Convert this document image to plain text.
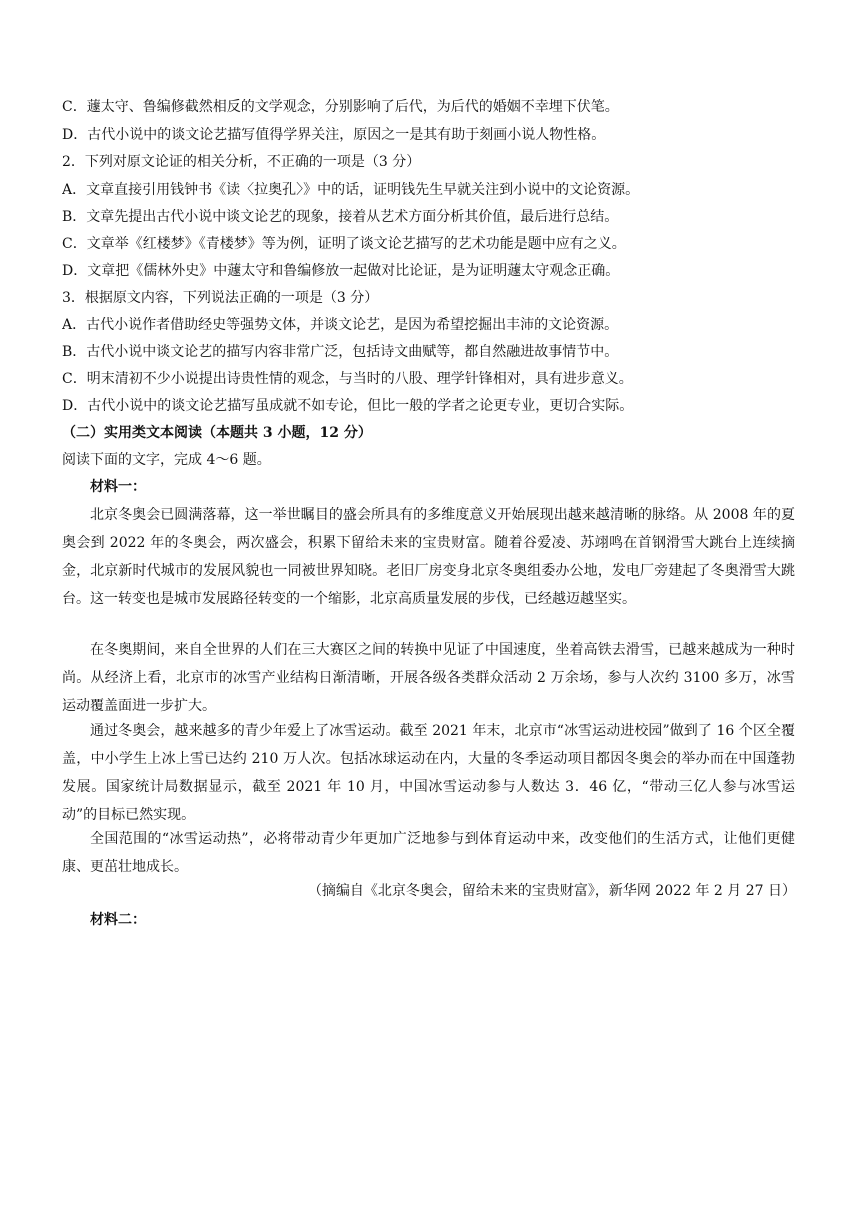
C．蘧太守、鲁编修截然相反的文学观念，分别影响了后代，为后代的婚姻不幸埋下伏笔。
D．古代小说中的谈文论艺描写值得学界关注，原因之一是其有助于刻画小说人物性格。
2．下列对原文论证的相关分析，不正确的一项是（3 分）
A．文章直接引用钱钟书《读〈拉奥孔〉》中的话，证明钱先生早就关注到小说中的文论资源。
B．文章先提出古代小说中谈文论艺的现象，接着从艺术方面分析其价值，最后进行总结。
C．文章举《红楼梦》《青楼梦》等为例，证明了谈文论艺描写的艺术功能是题中应有之义。
D．文章把《儒林外史》中蘧太守和鲁编修放一起做对比论证，是为证明蘧太守观念正确。
3．根据原文内容，下列说法正确的一项是（3 分）
A．古代小说作者借助经史等强势文体，并谈文论艺，是因为希望挖掘出丰沛的文论资源。
B．古代小说中谈文论艺的描写内容非常广泛，包括诗文曲赋等，都自然融进故事情节中。
C．明末清初不少小说提出诗贵性情的观念，与当时的八股、理学针锋相对，具有进步意义。
D．古代小说中的谈文论艺描写虽成就不如专论，但比一般的学者之论更专业，更切合实际。
（二）实用类文本阅读（本题共 3 小题，12 分）
阅读下面的文字，完成 4～6 题。
材料一：
北京冬奥会已圆满落幕，这一举世瞩目的盛会所具有的多维度意义开始展现出越来越清晰的脉络。从 2008 年的夏奥会到 2022 年的冬奥会，两次盛会，积累下留给未来的宝贵财富。随着谷爱凌、苏翊鸣在首钢滑雪大跳台上连续摘金，北京新时代城市的发展风貌也一同被世界知晓。老旧厂房变身北京冬奥组委办公地，发电厂旁建起了冬奥滑雪大跳台。这一转变也是城市发展路径转变的一个缩影，北京高质量发展的步伐，已经越迈越坚实。
在冬奥期间，来自全世界的人们在三大赛区之间的转换中见证了中国速度，坐着高铁去滑雪，已越来越成为一种时尚。从经济上看，北京市的冰雪产业结构日渐清晰，开展各级各类群众活动 2 万余场，参与人次约 3100 多万，冰雪运动覆盖面进一步扩大。
通过冬奥会，越来越多的青少年爱上了冰雪运动。截至 2021 年末，北京市“冰雪运动进校园”做到了 16 个区全覆盖，中小学生上冰上雪已达约 210 万人次。包括冰球运动在内，大量的冬季运动项目都因冬奥会的举办而在中国蓬勃发展。国家统计局数据显示，截至 2021 年 10 月，中国冰雪运动参与人数达 3．46 亿，“带动三亿人参与冰雪运动”的目标已然实现。
全国范围的“冰雪运动热”，必将带动青少年更加广泛地参与到体育运动中来，改变他们的生活方式，让他们更健康、更茁壮地成长。
（摘编自《北京冬奥会，留给未来的宝贵财富》，新华网 2022 年 2 月 27 日）
材料二：
